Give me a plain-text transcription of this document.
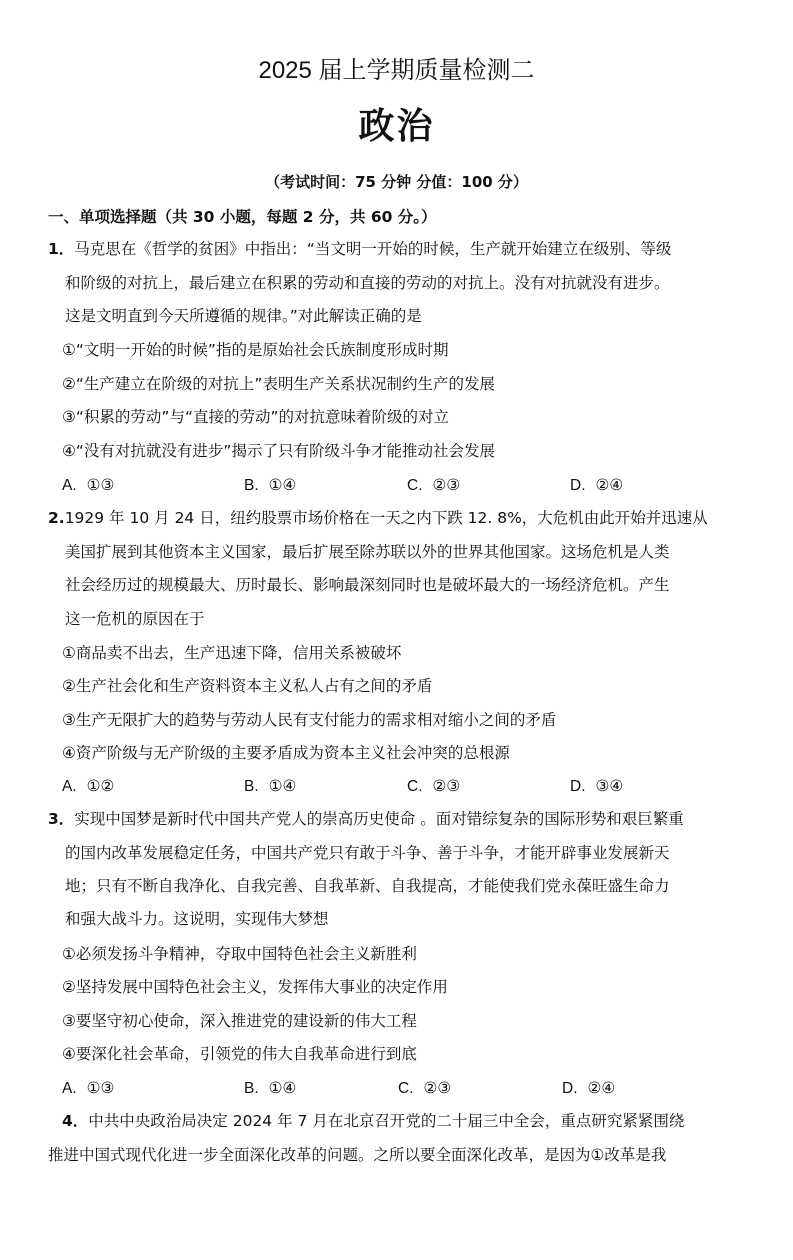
2025 届上学期质量检测二
政治
（考试时间：75 分钟 分值：100 分）
一、单项选择题（共 30 小题，每题 2 分，共 60 分。）
1．马克思在《哲学的贫困》中指出：“当文明一开始的时候，生产就开始建立在级别、等级
和阶级的对抗上，最后建立在积累的劳动和直接的劳动的对抗上。没有对抗就没有进步。
这是文明直到今天所遵循的规律。”对此解读正确的是
①“文明一开始的时候”指的是原始社会氏族制度形成时期
②“生产建立在阶级的对抗上”表明生产关系状况制约生产的发展
③“积累的劳动”与“直接的劳动”的对抗意味着阶级的对立
④“没有对抗就没有进步”揭示了只有阶级斗争才能推动社会发展
A. ①③	B. ①④	C. ②③	D. ②④
2.1929 年 10 月 24 日，纽约股票市场价格在一天之内下跌 12. 8%，大危机由此开始并迅速从
美国扩展到其他资本主义国家，最后扩展至除苏联以外的世界其他国家。这场危机是人类
社会经历过的规模最大、历时最长、影响最深刻同时也是破坏最大的一场经济危机。产生
这一危机的原因在于
①商品卖不出去，生产迅速下降，信用关系被破坏
②生产社会化和生产资料资本主义私人占有之间的矛盾
③生产无限扩大的趋势与劳动人民有支付能力的需求相对缩小之间的矛盾
④资产阶级与无产阶级的主要矛盾成为资本主义社会冲突的总根源
A. ①②	B. ①④	C. ②③	D. ③④
3．实现中国梦是新时代中国共产党人的崇高历史使命 。面对错综复杂的国际形势和艰巨繁重
的国内改革发展稳定任务，中国共产党只有敢于斗争、善于斗争，才能开辟事业发展新天
地；只有不断自我净化、自我完善、自我革新、自我提高，才能使我们党永葆旺盛生命力
和强大战斗力。这说明，实现伟大梦想
①必须发扬斗争精神，夺取中国特色社会主义新胜利
②坚持发展中国特色社会主义，发挥伟大事业的决定作用
③要坚守初心使命，深入推进党的建设新的伟大工程
④要深化社会革命，引领党的伟大自我革命进行到底
A. ①③	B. ①④	C. ②③	D. ②④
4．中共中央政治局决定 2024 年 7 月在北京召开党的二十届三中全会，重点研究紧紧围绕
推进中国式现代化进一步全面深化改革的问题。之所以要全面深化改革，是因为①改革是我
